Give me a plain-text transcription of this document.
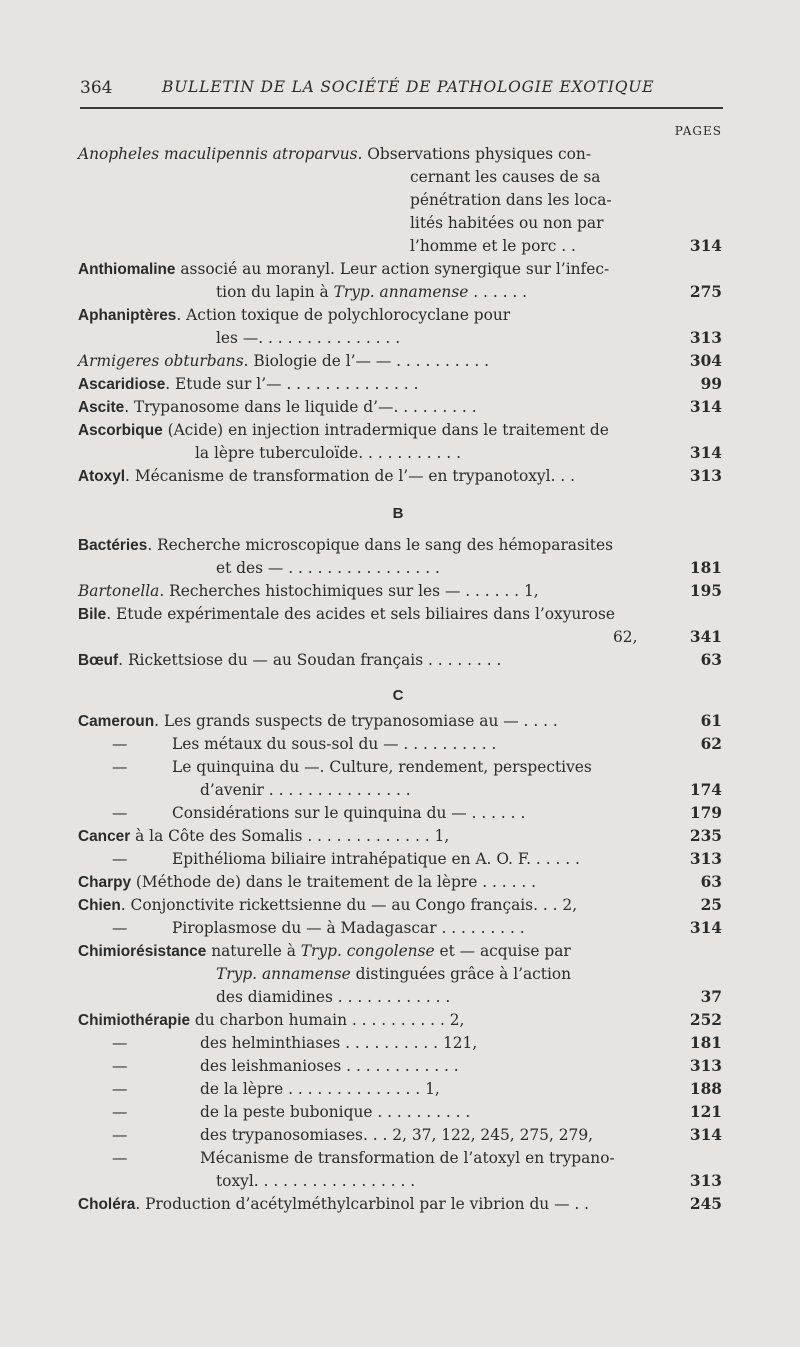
364	BULLETIN DE LA SOCIÉTÉ DE PATHOLOGIE EXOTIQUE
PAGES
Anopheles maculipennis atroparvus. Observations physiques con-
cernant les causes de sa
pénétration dans les loca-
lités habitées ou non par
l’homme et le porc . .	314
Anthiomaline associé au moranyl. Leur action synergique sur l’infec-
tion du lapin à Tryp. annamense . . . . . .	275
Aphaniptères. Action toxique de polychlorocyclane pour
les —. . . . . . . . . . . . . . .	313
Armigeres obturbans. Biologie de l’— — . . . . . . . . . .	304
Ascaridiose. Etude sur l’— . . . . . . . . . . . . . .	99
Ascite. Trypanosome dans le liquide d’—. . . . . . . . .	314
Ascorbique (Acide) en injection intradermique dans le traitement de
la lèpre tuberculoïde. . . . . . . . . . .	314
Atoxyl. Mécanisme de transformation de l’— en trypanotoxyl. . .	313
B
Bactéries. Recherche microscopique dans le sang des hémoparasites
et des — . . . . . . . . . . . . . . . .	181
Bartonella. Recherches histochimiques sur les — . . . . . . 1,	195
Bile. Etude expérimentale des acides et sels biliaires dans l’oxyurose
62,	341
Bœuf. Rickettsiose du — au Soudan français . . . . . . . .	63
C
Cameroun. Les grands suspects de trypanosomiase au — . . . .	61
—	Les métaux du sous-sol du — . . . . . . . . . .	62
—	Le quinquina du —. Culture, rendement, perspectives
d’avenir . . . . . . . . . . . . . . .	174
—	Considérations sur le quinquina du — . . . . . .	179
Cancer à la Côte des Somalis . . . . . . . . . . . . . 1,	235
—	Epithélioma biliaire intrahépatique en A. O. F. . . . . .	313
Charpy (Méthode de) dans le traitement de la lèpre . . . . . .	63
Chien. Conjonctivite rickettsienne du — au Congo français. . . 2,	25
—	Piroplasmose du — à Madagascar . . . . . . . . .	314
Chimiorésistance naturelle à Tryp. congolense et — acquise par
Tryp. annamense distinguées grâce à l’action
des diamidines . . . . . . . . . . . .	37
Chimiothérapie du charbon humain . . . . . . . . . . 2,	252
—	des helminthiases . . . . . . . . . . 121,	181
—	des leishmanioses . . . . . . . . . . . .	313
—	de la lèpre . . . . . . . . . . . . . . 1,	188
—	de la peste bubonique . . . . . . . . . .	121
—	des trypanosomiases. . . 2, 37, 122, 245, 275, 279,	314
—	Mécanisme de transformation de l’atoxyl en trypano-
toxyl. . . . . . . . . . . . . . . . .	313
Choléra. Production d’acétylméthylcarbinol par le vibrion du — . .	245
